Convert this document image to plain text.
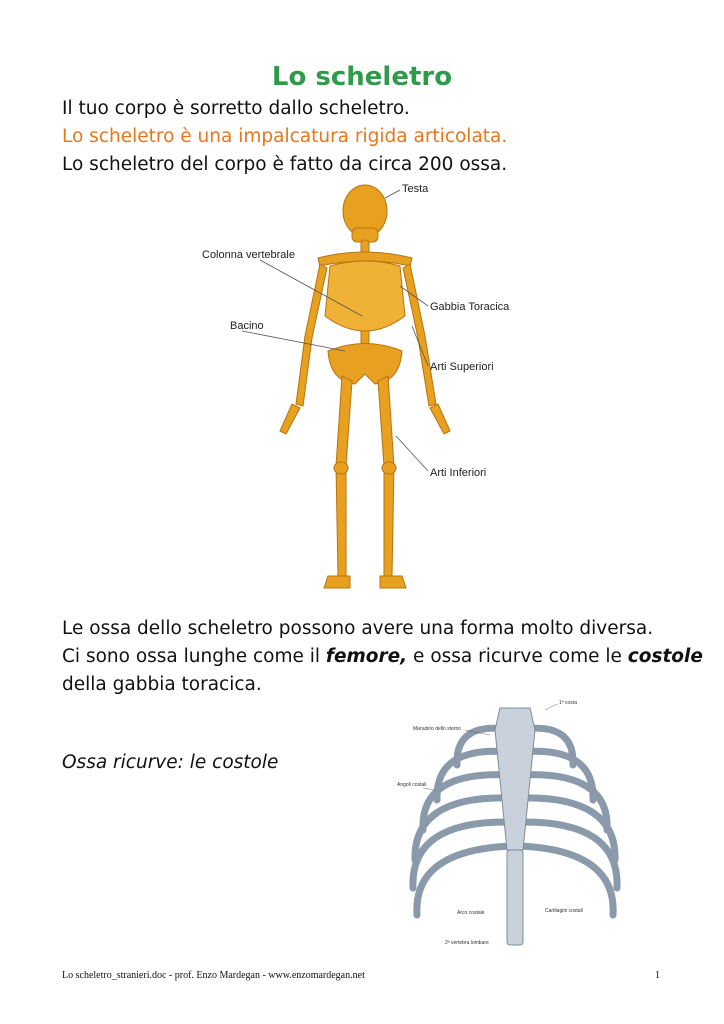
Lo scheletro
Il tuo corpo è sorretto dallo scheletro.
Lo scheletro è una impalcatura rigida articolata.
Lo scheletro del corpo è fatto da circa 200 ossa.
Testa
Colonna vertebrale
Gabbia Toracica
Bacino
Arti Superiori
Arti Inferiori
Le ossa dello scheletro possono avere una forma molto diversa.
Ci sono ossa lunghe come il femore, e ossa ricurve come le costole
della gabbia toracica.
Ossa ricurve: le costole
1ª costa
Manubrio dello sterno
Angoli costali
Arco costale	Cartilagini costali
2ª vertebra lombare
Lo scheletro_stranieri.doc - prof. Enzo Mardegan - www.enzomardegan.net	1
